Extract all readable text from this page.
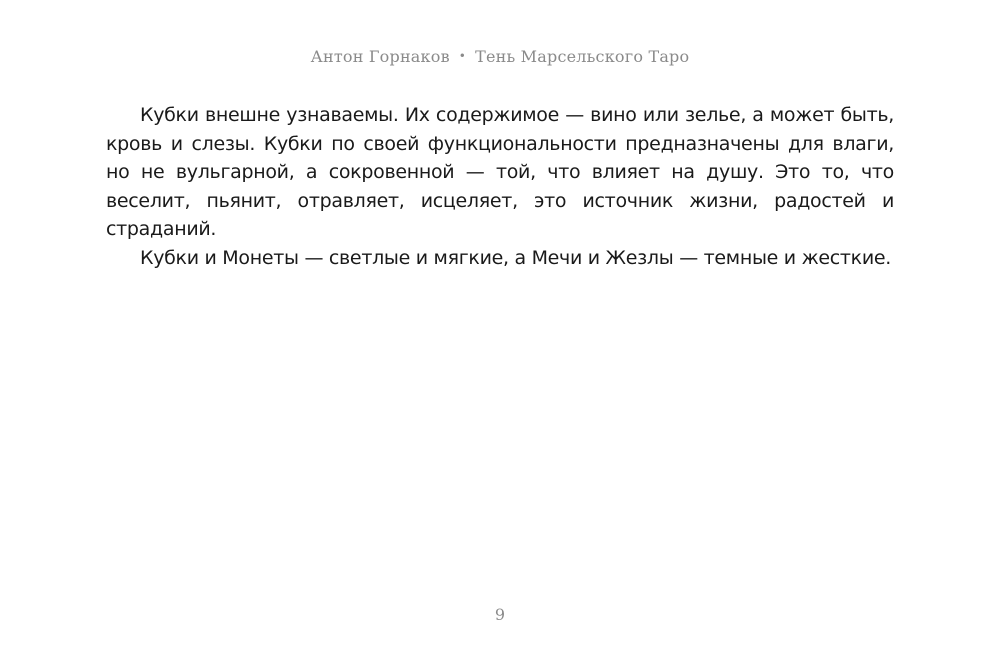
Антон Горнаков • Тень Марсельского Таро

Кубки внешне узнаваемы. Их содержимое — вино или зелье, а может быть, кровь и слезы. Кубки по своей функциональности предназначены для влаги, но не вульгарной, а сокровенной — той, что влияет на душу. Это то, что веселит, пьянит, отравляет, исцеляет, это источник жизни, радостей и страданий.

Кубки и Монеты — светлые и мягкие, а Мечи и Жезлы — темные и жесткие.

9
